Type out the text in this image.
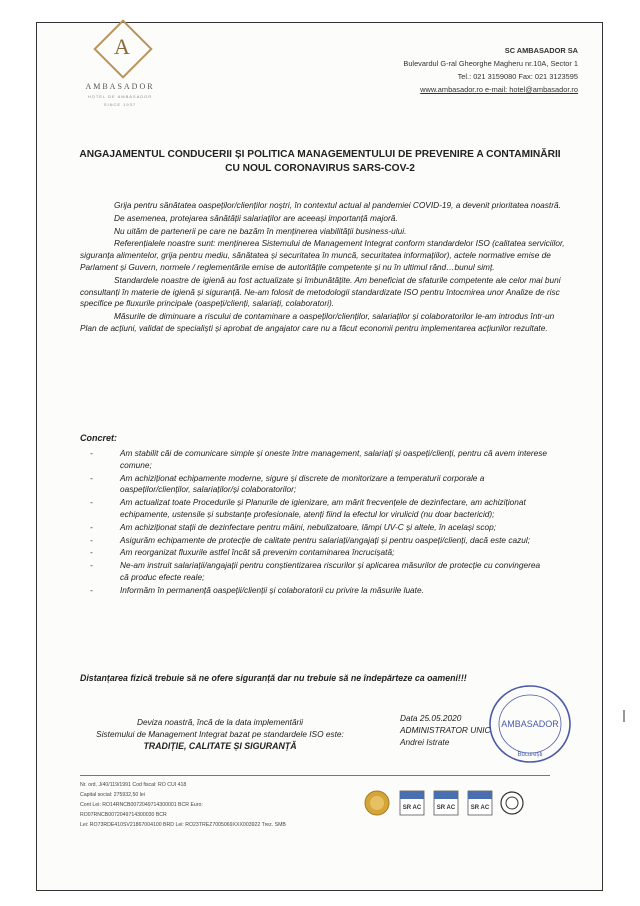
A
AMBASADOR
HOTEL DE AMBASADOR
SINCE 1937
SC AMBASADOR SA
Bulevardul G-ral Gheorghe Magheru nr.10A, Sector 1
Tel.: 021 3159080 Fax: 021 3123595
www.ambasador.ro e-mail: hotel@ambasador.ro
ANGAJAMENTUL CONDUCERII ȘI POLITICA MANAGEMENTULUI DE PREVENIRE A CONTAMINĂRII
CU NOUL CORONAVIRUS SARS-COV-2

Grija pentru sănătatea oaspeților/clienților noștri, în contextul actual al pandemiei COVID-19, a devenit prioritatea noastră.

De asemenea, protejarea sănătății salariaților are aceeași importanță majoră.

Nu uităm de partenerii pe care ne bazăm în menținerea viabilității business-ului.

Referențialele noastre sunt: menținerea Sistemului de Management Integrat conform standardelor ISO (calitatea serviciilor, siguranța alimentelor, grija pentru mediu, sănătatea și securitatea în muncă, securitatea informațiilor), actele normative emise de Parlament și Guvern, normele / reglementările emise de autoritățile competente și nu în ultimul rând…bunul simț.

Standardele noastre de igienă au fost actualizate și îmbunătățite. Am beneficiat de sfaturile competente ale celor mai buni consultanți în materie de igienă și siguranță. Ne-am folosit de metodologii standardizate ISO pentru întocmirea unor Analize de risc specifice pe fluxurile principale (oaspeți/clienți, salariați, colaboratori).

Măsurile de diminuare a riscului de contaminare a oaspeților/clienților, salariaților și colaboratorilor le-am introdus într-un Plan de acțiuni, validat de specialiști și aprobat de angajator care nu a făcut economii pentru implementarea acțiunilor rezultate.

Concret:
-	Am stabilit căi de comunicare simple și oneste între management, salariați și oaspeți/clienți, pentru că avem interese comune;
-	Am achiziționat echipamente moderne, sigure și discrete de monitorizare a temperaturii corporale a oaspeților/clienților, salariaților/și colaboratorilor;
-	Am actualizat toate Procedurile și Planurile de igienizare, am mărit frecvențele de dezinfectare, am achiziționat echipamente, ustensile și substanțe profesionale, atenți fiind la efectul lor virulicid (nu doar bactericid);
-	Am achiziționat stații de dezinfectare pentru mâini, nebulizatoare, lămpi UV-C și altele, în același scop;
-	Asigurăm echipamente de protecție de calitate pentru salariați/angajați și pentru oaspeți/clienți, dacă este cazul;
-	Am reorganizat fluxurile astfel încât să prevenim contaminarea încrucișată;
-	Ne-am instruit salariații/angajații pentru conștientizarea riscurilor și aplicarea măsurilor de protecție cu convingerea că produc efecte reale;
-	Informăm în permanență oaspeții/clienții și colaboratorii cu privire la măsurile luate.
Distanțarea fizică trebuie să ne ofere siguranță dar nu trebuie să ne îndepărteze ca oameni!!!
Deviza noastră, încă de la data implementării
Sistemului de Management Integrat bazat pe standardele ISO este:
TRADIȚIE, CALITATE ȘI SIGURANȚĂ
AMBASADOR
București
Data 25.05.2020
ADMINISTRATOR UNIC
Andrei Istrate
Nr. ord. J/40/119/1991 Cod fiscal: RO CUI 418
Capital social: 275932,50 lei
Cont Lei: RO14RNCB0072049714300001 BCR Euro:
RO07RNCB0072049714300030 BCR
Lei: RO73RDE410SV21867004100 BRD Lei: RO23TREZ7005069XXX003922 Trez. SMB
SR AC	SR AC	SR AC
